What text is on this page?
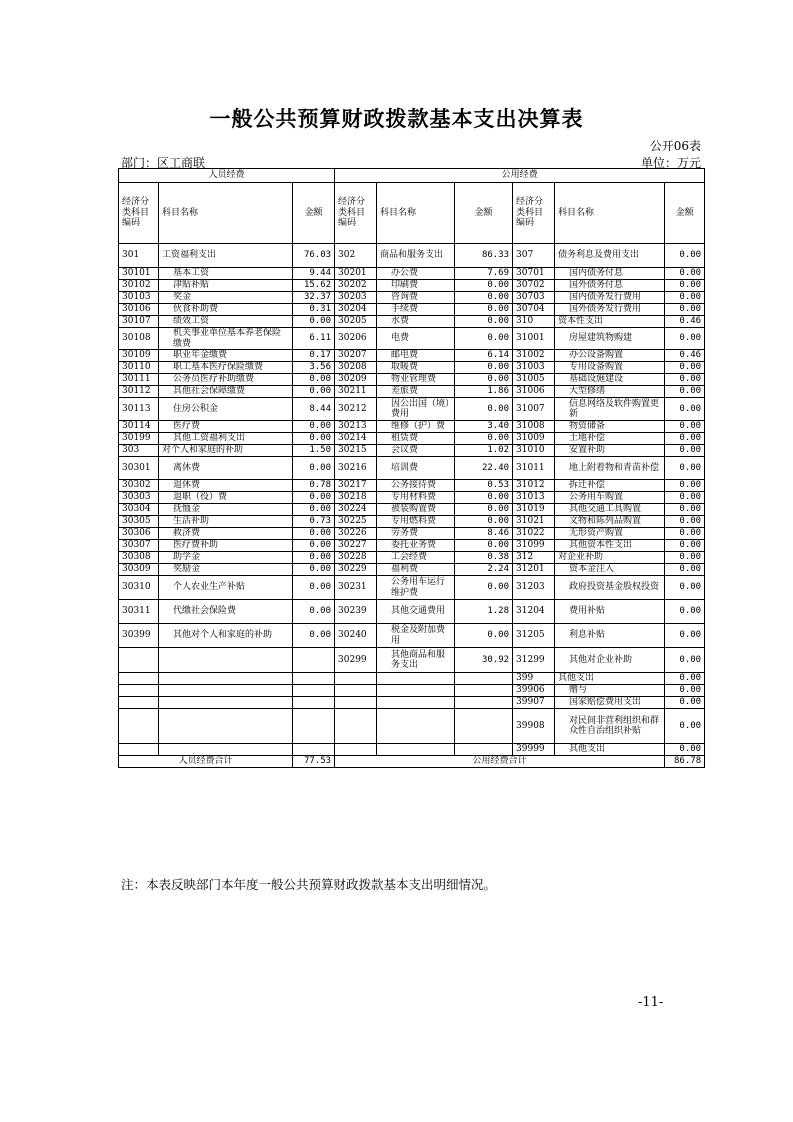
一般公共预算财政拨款基本支出决算表
公开06表
部门：区工商联	单位：万元
人员经费			公用经费					
经济分类科目编码	科目名称	金额	经济分类科目编码	科目名称	金额	经济分类科目编码	科目名称	金额
301	工资福利支出	76.03	302	商品和服务支出	86.33	307	债务利息及费用支出	0.00
30101	基本工资	9.44	30201	办公费	7.69	30701	国内债务付息	0.00
30102	津贴补贴	15.62	30202	印刷费	0.00	30702	国外债务付息	0.00
30103	奖金	32.37	30203	咨询费	0.00	30703	国内债务发行费用	0.00
30106	伙食补助费	0.31	30204	手续费	0.00	30704	国外债务发行费用	0.00
30107	绩效工资	0.00	30205	水费	0.00	310	资本性支出	0.46
30108	机关事业单位基本养老保险缴费	6.11	30206	电费	0.00	31001	房屋建筑物购建	0.00
30109	职业年金缴费	0.17	30207	邮电费	6.14	31002	办公设备购置	0.46
30110	职工基本医疗保险缴费	3.56	30208	取暖费	0.00	31003	专用设备购置	0.00
30111	公务员医疗补助缴费	0.00	30209	物业管理费	0.00	31005	基础设施建设	0.00
30112	其他社会保障缴费	0.00	30211	差旅费	1.86	31006	大型修缮	0.00
30113	住房公积金	8.44	30212	因公出国（境）费用	0.00	31007	信息网络及软件购置更新	0.00
30114	医疗费	0.00	30213	维修（护）费	3.40	31008	物资储备	0.00
30199	其他工资福利支出	0.00	30214	租赁费	0.00	31009	土地补偿	0.00
303	对个人和家庭的补助	1.50	30215	会议费	1.02	31010	安置补助	0.00
30301	离休费	0.00	30216	培训费	22.40	31011	地上附着物和青苗补偿	0.00
30302	退休费	0.78	30217	公务接待费	0.53	31012	拆迁补偿	0.00
30303	退职（役）费	0.00	30218	专用材料费	0.00	31013	公务用车购置	0.00
30304	抚恤金	0.00	30224	被装购置费	0.00	31019	其他交通工具购置	0.00
30305	生活补助	0.73	30225	专用燃料费	0.00	31021	文物和陈列品购置	0.00
30306	救济费	0.00	30226	劳务费	8.46	31022	无形资产购置	0.00
30307	医疗费补助	0.00	30227	委托业务费	0.00	31099	其他资本性支出	0.00
30308	助学金	0.00	30228	工会经费	0.38	312	对企业补助	0.00
30309	奖励金	0.00	30229	福利费	2.24	31201	资本金注入	0.00
30310	个人农业生产补贴	0.00	30231	公务用车运行维护费	0.00	31203	政府投资基金股权投资	0.00
30311	代缴社会保险费	0.00	30239	其他交通费用	1.28	31204	费用补贴	0.00
30399	其他对个人和家庭的补助	0.00	30240	税金及附加费用	0.00	31205	利息补贴	0.00
			30299	其他商品和服务支出	30.92	31299	其他对企业补助	0.00
						399	其他支出	0.00
						39906	赠与	0.00
						39907	国家赔偿费用支出	0.00
						39908	对民间非营利组织和群众性自治组织补贴	0.00
						39999	其他支出	0.00
人员经费合计		77.53	公用经费合计					86.78
注：本表反映部门本年度一般公共预算财政拨款基本支出明细情况。
-11-
